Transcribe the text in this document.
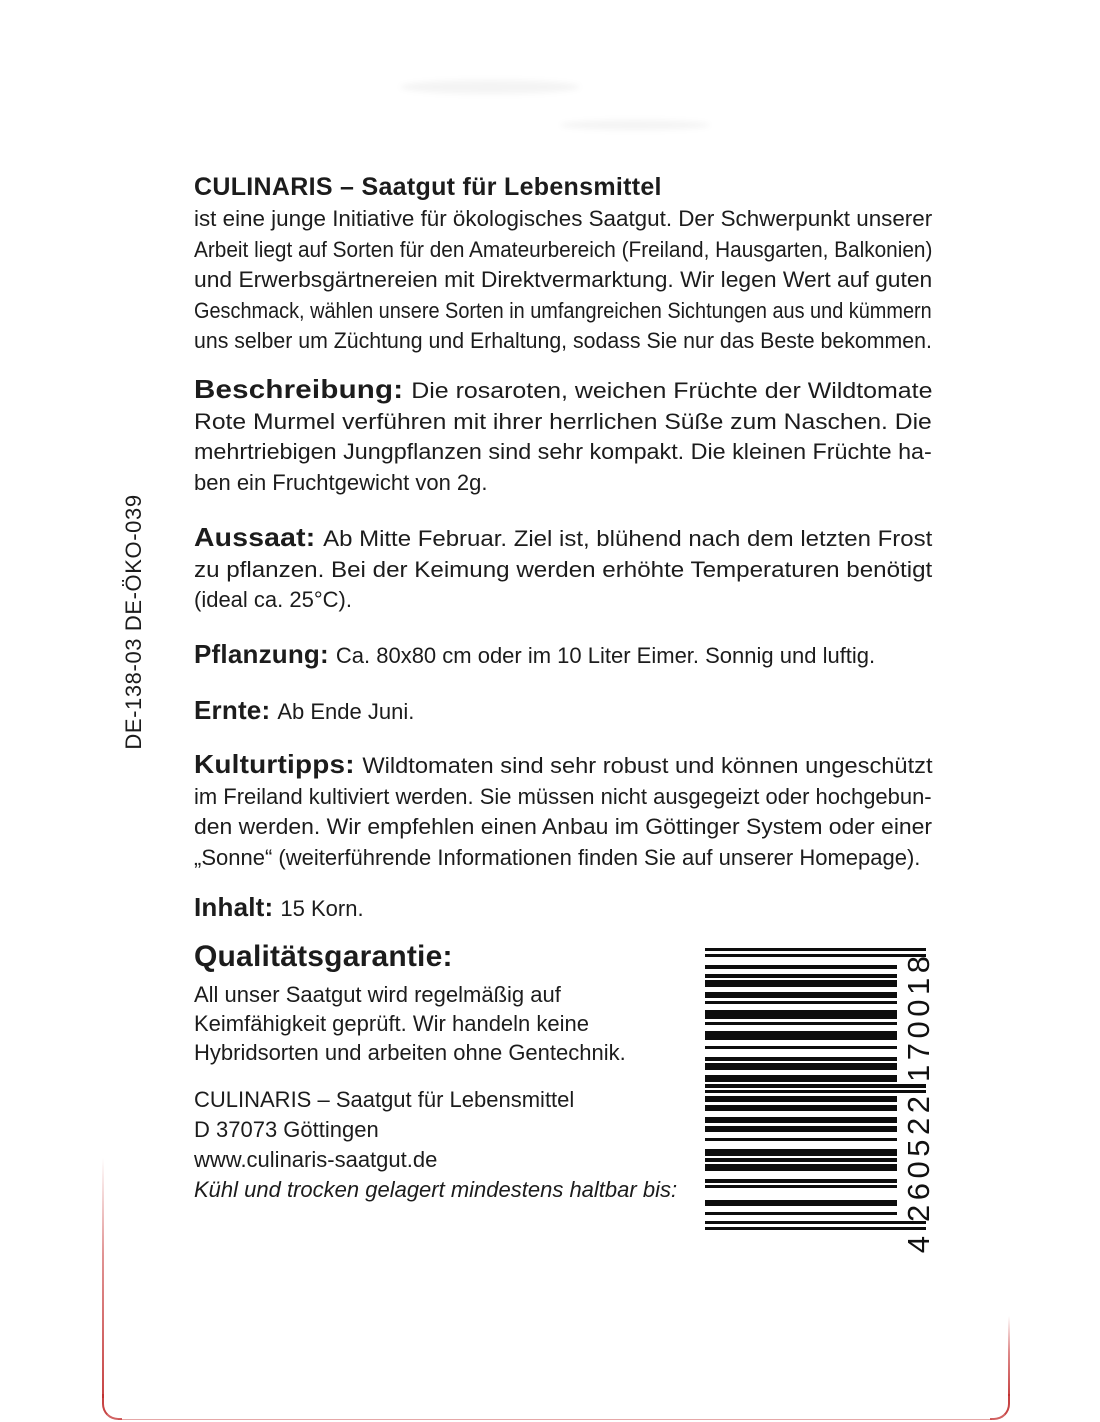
DE-138-03 DE-ÖKO-039
CULINARIS – Saatgut für Lebensmittel
ist eine junge Initiative für ökologisches Saatgut. Der Schwerpunkt unserer
Arbeit liegt auf Sorten für den Amateurbereich (Freiland, Hausgarten, Balkonien)
und Erwerbsgärtnereien mit Direktvermarktung. Wir legen Wert auf guten
Geschmack, wählen unsere Sorten in umfangreichen Sichtungen aus und kümmern
uns selber um Züchtung und Erhaltung, sodass Sie nur das Beste bekommen.
Beschreibung: Die rosaroten, weichen Früchte der Wildtomate
Rote Murmel verführen mit ihrer herrlichen Süße zum Naschen. Die
mehrtriebigen Jungpflanzen sind sehr kompakt. Die kleinen Früchte ha-
ben ein Fruchtgewicht von 2g.
Aussaat: Ab Mitte Februar. Ziel ist, blühend nach dem letzten Frost
zu pflanzen. Bei der Keimung werden erhöhte Temperaturen benötigt
(ideal ca. 25°C).
Pflanzung: Ca. 80x80 cm oder im 10 Liter Eimer. Sonnig und luftig.
Ernte: Ab Ende Juni.
Kulturtipps: Wildtomaten sind sehr robust und können ungeschützt
im Freiland kultiviert werden. Sie müssen nicht ausgegeizt oder hochgebun-
den werden. Wir empfehlen einen Anbau im Göttinger System oder einer
„Sonne“ (weiterführende Informationen finden Sie auf unserer Homepage).
Inhalt: 15 Korn.
Qualitätsgarantie:
All unser Saatgut wird regelmäßig auf
Keimfähigkeit geprüft. Wir handeln keine
Hybridsorten und arbeiten ohne Gentechnik.
CULINARIS – Saatgut für Lebensmittel
D 37073 Göttingen
www.culinaris-saatgut.de
Kühl und trocken gelagert mindestens haltbar bis:
4
2
6
0
5
2
2
1
7
0
0
1
8
